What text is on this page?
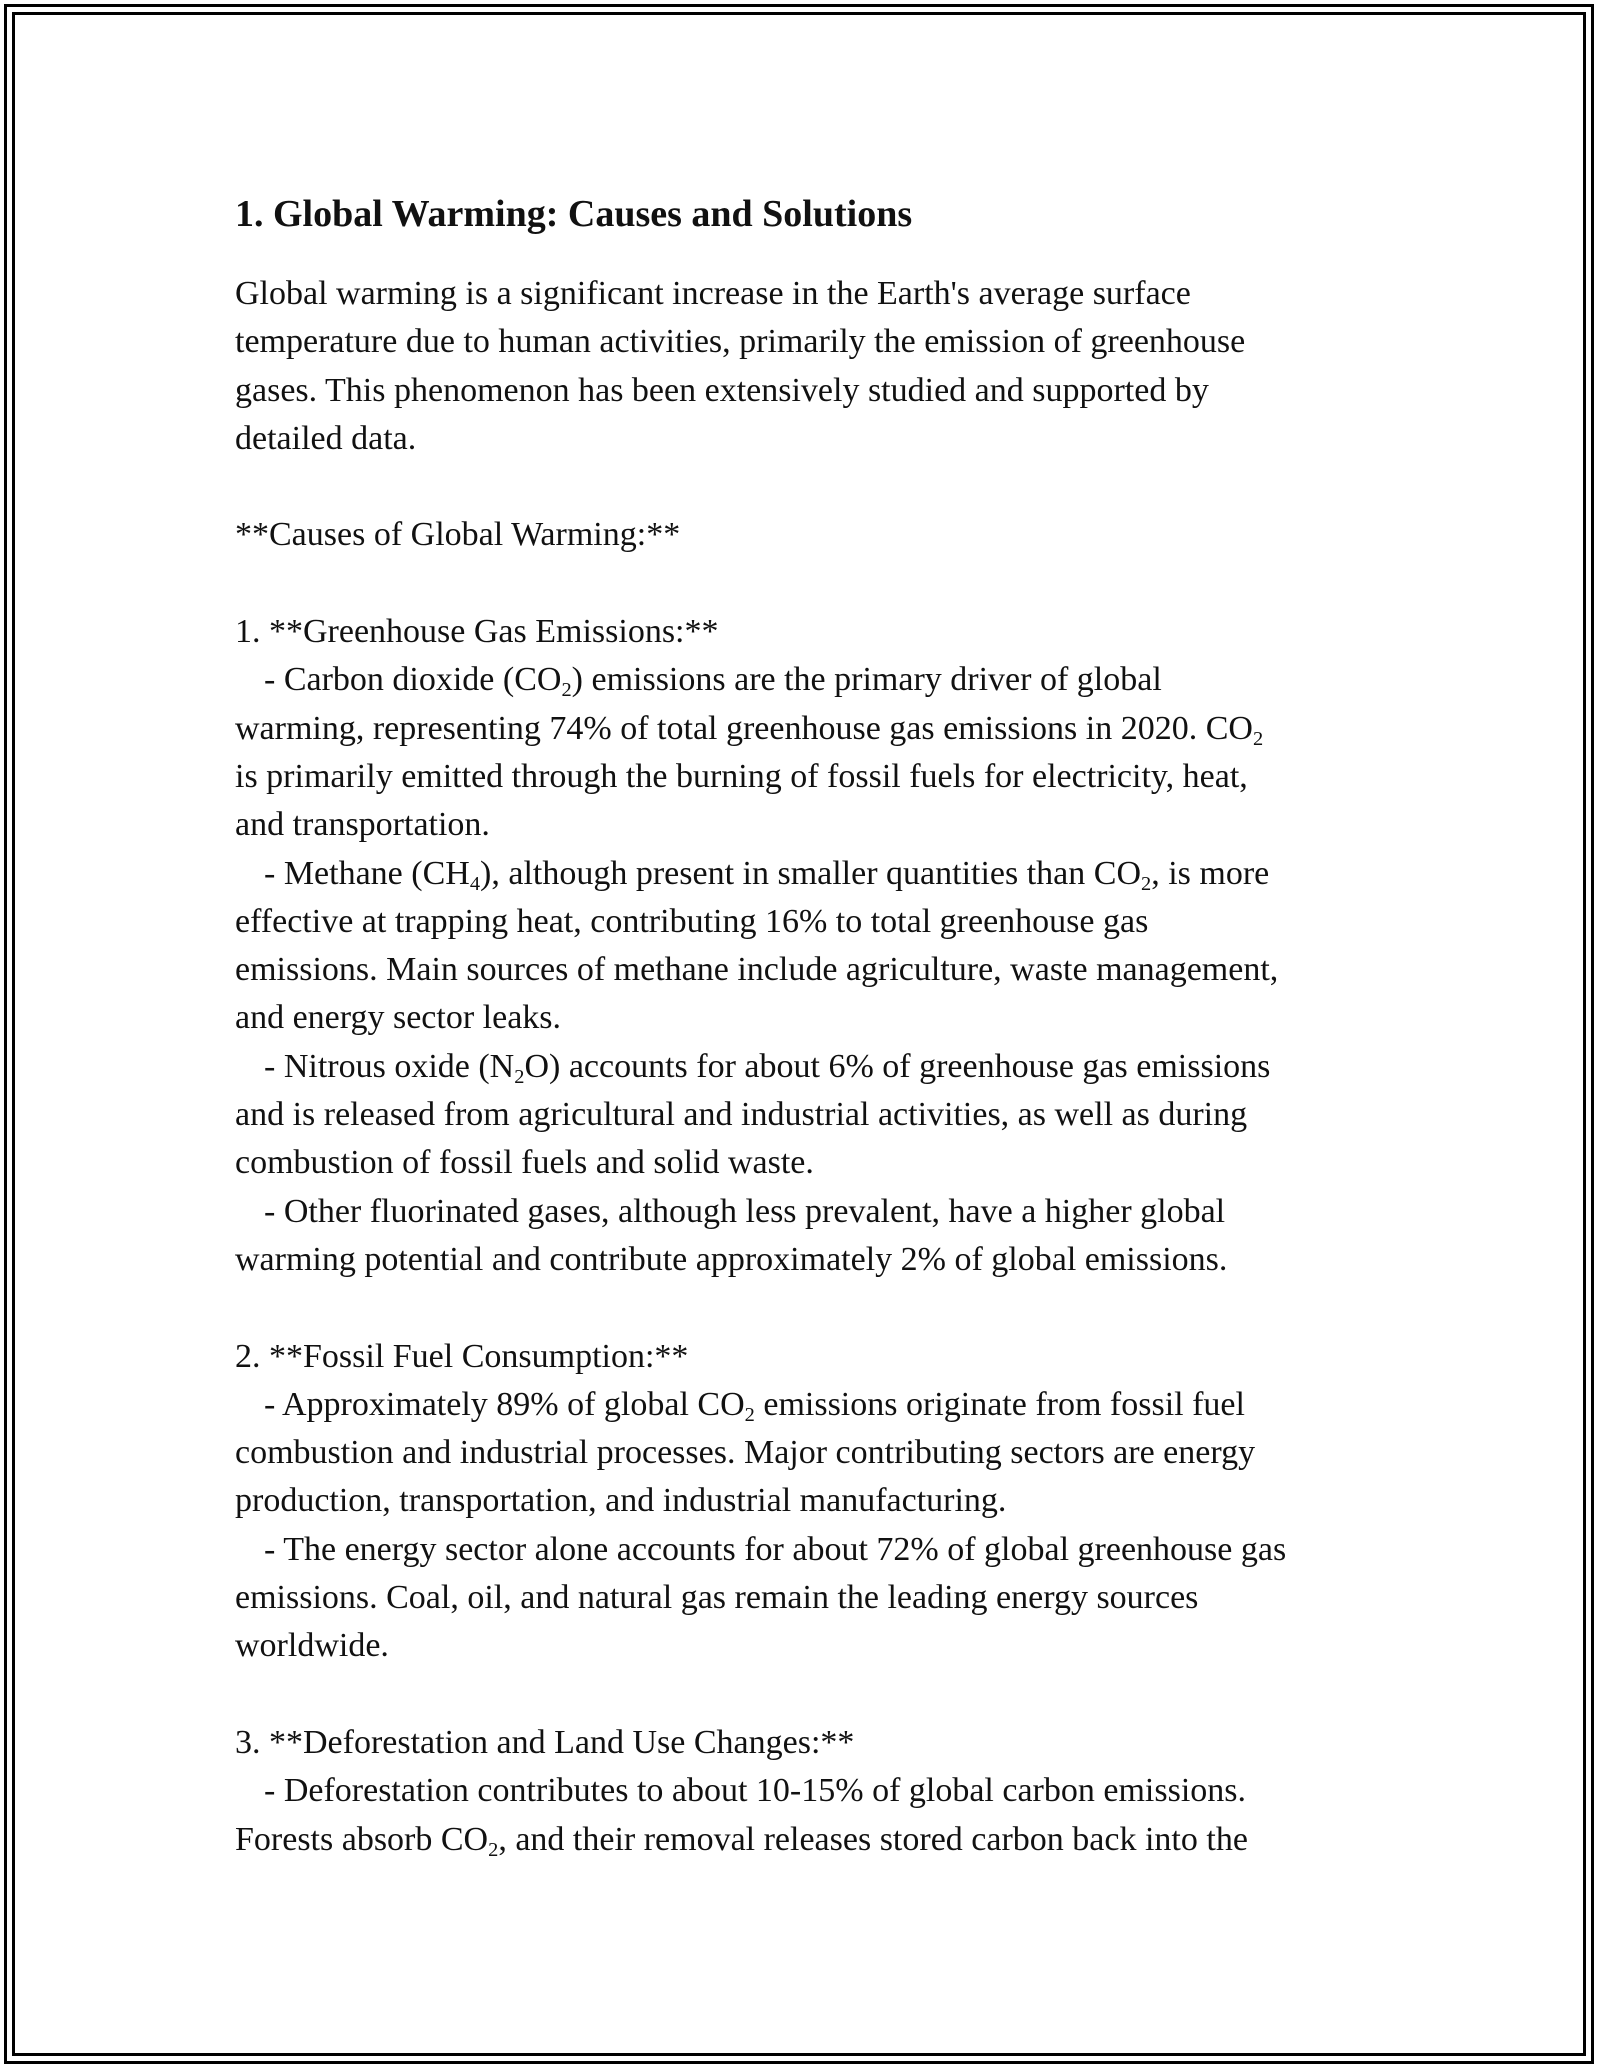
1. Global Warming: Causes and Solutions
Global warming is a significant increase in the Earth's average surface
temperature due to human activities, primarily the emission of greenhouse
gases. This phenomenon has been extensively studied and supported by
detailed data.
**Causes of Global Warming:**
1. **Greenhouse Gas Emissions:**
- Carbon dioxide $(CO_2)$ emissions are the primary driver of global
warming, representing 74% of total greenhouse gas emissions in 2020. $CO_2$
is primarily emitted through the burning of fossil fuels for electricity, heat,
and transportation.
- Methane $(CH_4)$, although present in smaller quantities than $CO_2$, is more
effective at trapping heat, contributing 16% to total greenhouse gas
emissions. Main sources of methane include agriculture, waste management,
and energy sector leaks.
- Nitrous oxide $(N_2O)$ accounts for about 6% of greenhouse gas emissions
and is released from agricultural and industrial activities, as well as during
combustion of fossil fuels and solid waste.
- Other fluorinated gases, although less prevalent, have a higher global
warming potential and contribute approximately 2% of global emissions.
2. **Fossil Fuel Consumption:**
- Approximately 89% of global $CO_2$ emissions originate from fossil fuel
combustion and industrial processes. Major contributing sectors are energy
production, transportation, and industrial manufacturing.
- The energy sector alone accounts for about 72% of global greenhouse gas
emissions. Coal, oil, and natural gas remain the leading energy sources
worldwide.
3. **Deforestation and Land Use Changes:**
- Deforestation contributes to about 10-15% of global carbon emissions.
Forests absorb $CO_2$, and their removal releases stored carbon back into the
